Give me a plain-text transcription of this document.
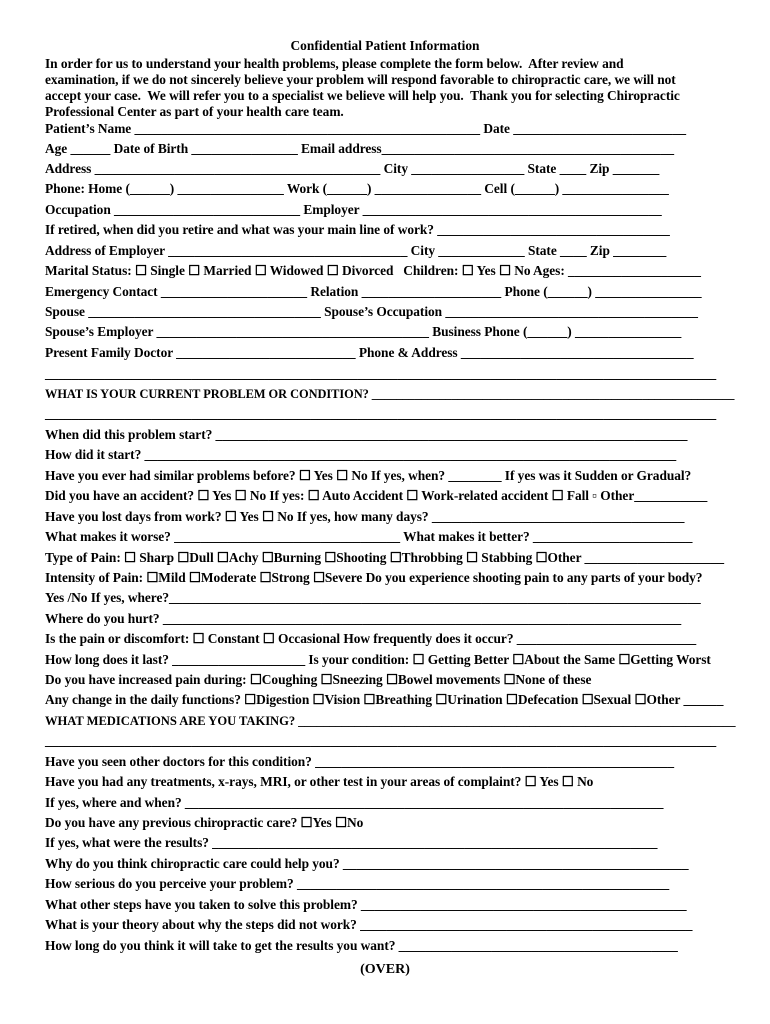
Confidential Patient Information
In order for us to understand your health problems, please complete the form below.  After review and
examination, if we do not sincerely believe your problem will respond favorable to chiropractic care, we will not
accept your case.  We will refer you to a specialist we believe will help you.  Thank you for selecting Chiropractic
Professional Center as part of your health care team.
Patient’s Name ____________________________________________________ Date __________________________
Age ______ Date of Birth ________________ Email address____________________________________________
Address ___________________________________________ City _________________ State ____ Zip _______
Phone: Home (______) ________________ Work (______) ________________ Cell (______) ________________
Occupation ____________________________ Employer _____________________________________________
If retired, when did you retire and what was your main line of work? ___________________________________
Address of Employer ____________________________________ City _____________ State ____ Zip ________
Marital Status: ☐ Single ☐ Married ☐ Widowed ☐ Divorced   Children: ☐ Yes ☐ No Ages: ____________________
Emergency Contact ______________________ Relation _____________________ Phone (______) ________________
Spouse ___________________________________ Spouse’s Occupation ______________________________________
Spouse’s Employer _________________________________________ Business Phone (______) ________________
Present Family Doctor ___________________________ Phone & Address ___________________________________
_____________________________________________________________________________________________________
WHAT IS YOUR CURRENT PROBLEM OR CONDITION? ___________________________________________________________
_____________________________________________________________________________________________________
When did this problem start? _______________________________________________________________________
How did it start? ________________________________________________________________________________
Have you ever had similar problems before? ☐ Yes ☐ No If yes, when? ________ If yes was it Sudden or Gradual?
Did you have an accident? ☐ Yes ☐ No If yes: ☐ Auto Accident ☐ Work-related accident ☐ Fall ▫ Other___________
Have you lost days from work? ☐ Yes ☐ No If yes, how many days? ______________________________________
What makes it worse? __________________________________ What makes it better? ________________________
Type of Pain: ☐ Sharp ☐Dull ☐Achy ☐Burning ☐Shooting ☐Throbbing ☐ Stabbing ☐Other _____________________
Intensity of Pain: ☐Mild ☐Moderate ☐Strong ☐Severe Do you experience shooting pain to any parts of your body?
Yes /No If yes, where?________________________________________________________________________________
Where do you hurt? ______________________________________________________________________________
Is the pain or discomfort: ☐ Constant ☐ Occasional How frequently does it occur? ___________________________
How long does it last? ____________________ Is your condition: ☐ Getting Better ☐About the Same ☐Getting Worst
Do you have increased pain during: ☐Coughing ☐Sneezing ☐Bowel movements ☐None of these
Any change in the daily functions? ☐Digestion ☐Vision ☐Breathing ☐Urination ☐Defecation ☐Sexual ☐Other ______
WHAT MEDICATIONS ARE YOU TAKING? ______________________________________________________________________
_____________________________________________________________________________________________________
Have you seen other doctors for this condition? ______________________________________________________
Have you had any treatments, x-rays, MRI, or other test in your areas of complaint? ☐ Yes ☐ No
If yes, where and when? ________________________________________________________________________
Do you have any previous chiropractic care? ☐Yes ☐No
If yes, what were the results? ___________________________________________________________________
Why do you think chiropractic care could help you? ____________________________________________________
How serious do you perceive your problem? ________________________________________________________
What other steps have you taken to solve this problem? _________________________________________________
What is your theory about why the steps did not work? __________________________________________________
How long do you think it will take to get the results you want? __________________________________________
(OVER)
